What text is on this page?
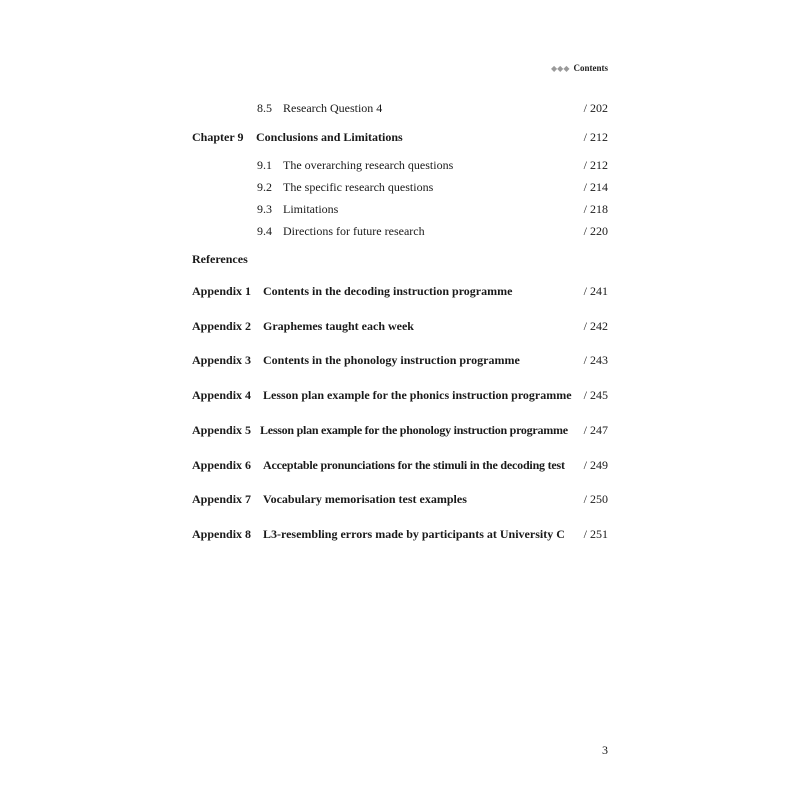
◆◆◆ Contents
8.5 Research Question 4	/ 202
Chapter 9 Conclusions and Limitations	/ 212
9.1 The overarching research questions	/ 212
9.2 The specific research questions	/ 214
9.3 Limitations	/ 218
9.4 Directions for future research	/ 220
References
Appendix 1 Contents in the decoding instruction programme	/ 241
Appendix 2 Graphemes taught each week	/ 242
Appendix 3 Contents in the phonology instruction programme	/ 243
Appendix 4 Lesson plan example for the phonics instruction programme / 245
Appendix 5 Lesson plan example for the phonology instruction programme / 247
Appendix 6 Acceptable pronunciations for the stimuli in the decoding test / 249
Appendix 7 Vocabulary memorisation test examples	/ 250
Appendix 8 L3-resembling errors made by participants at University C / 251
3
